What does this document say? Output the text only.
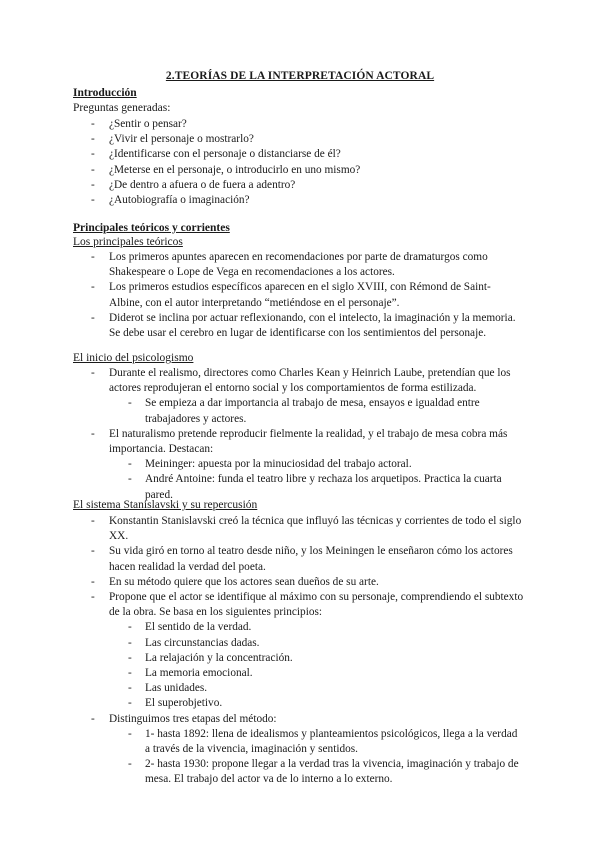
2.TEORÍAS DE LA INTERPRETACIÓN ACTORAL
Introducción
Preguntas generadas:
- ¿Sentir o pensar?
- ¿Vivir el personaje o mostrarlo?
- ¿Identificarse con el personaje o distanciarse de él?
- ¿Meterse en el personaje, o introducirlo en uno mismo?
- ¿De dentro a afuera o de fuera a adentro?
- ¿Autobiografía o imaginación?
Principales teóricos y corrientes
Los principales teóricos
- Los primeros apuntes aparecen en recomendaciones por parte de dramaturgos como Shakespeare o Lope de Vega en recomendaciones a los actores.
- Los primeros estudios específicos aparecen en el siglo XVIII, con Rémond de Saint-Albine, con el autor interpretando “metiéndose en el personaje”.
- Diderot se inclina por actuar reflexionando, con el intelecto, la imaginación y la memoria. Se debe usar el cerebro en lugar de identificarse con los sentimientos del personaje.
El inicio del psicologismo
- Durante el realismo, directores como Charles Kean y Heinrich Laube, pretendían que los actores reprodujeran el entorno social y los comportamientos de forma estilizada.
- Se empieza a dar importancia al trabajo de mesa, ensayos e igualdad entre trabajadores y actores.
- El naturalismo pretende reproducir fielmente la realidad, y el trabajo de mesa cobra más importancia. Destacan:
- Meininger: apuesta por la minuciosidad del trabajo actoral.
- André Antoine: funda el teatro libre y rechaza los arquetipos. Practica la cuarta pared.
El sistema Stanislavski y su repercusión
- Konstantin Stanislavski creó la técnica que influyó las técnicas y corrientes de todo el siglo XX.
- Su vida giró en torno al teatro desde niño, y los Meiningen le enseñaron cómo los actores hacen realidad la verdad del poeta.
- En su método quiere que los actores sean dueños de su arte.
- Propone que el actor se identifique al máximo con su personaje, comprendiendo el subtexto de la obra. Se basa en los siguientes principios:
- El sentido de la verdad.
- Las circunstancias dadas.
- La relajación y la concentración.
- La memoria emocional.
- Las unidades.
- El superobjetivo.
- Distinguimos tres etapas del método:
- 1- hasta 1892: llena de idealismos y planteamientos psicológicos, llega a la verdad a través de la vivencia, imaginación y sentidos.
- 2- hasta 1930: propone llegar a la verdad tras la vivencia, imaginación y trabajo de mesa. El trabajo del actor va de lo interno a lo externo.
